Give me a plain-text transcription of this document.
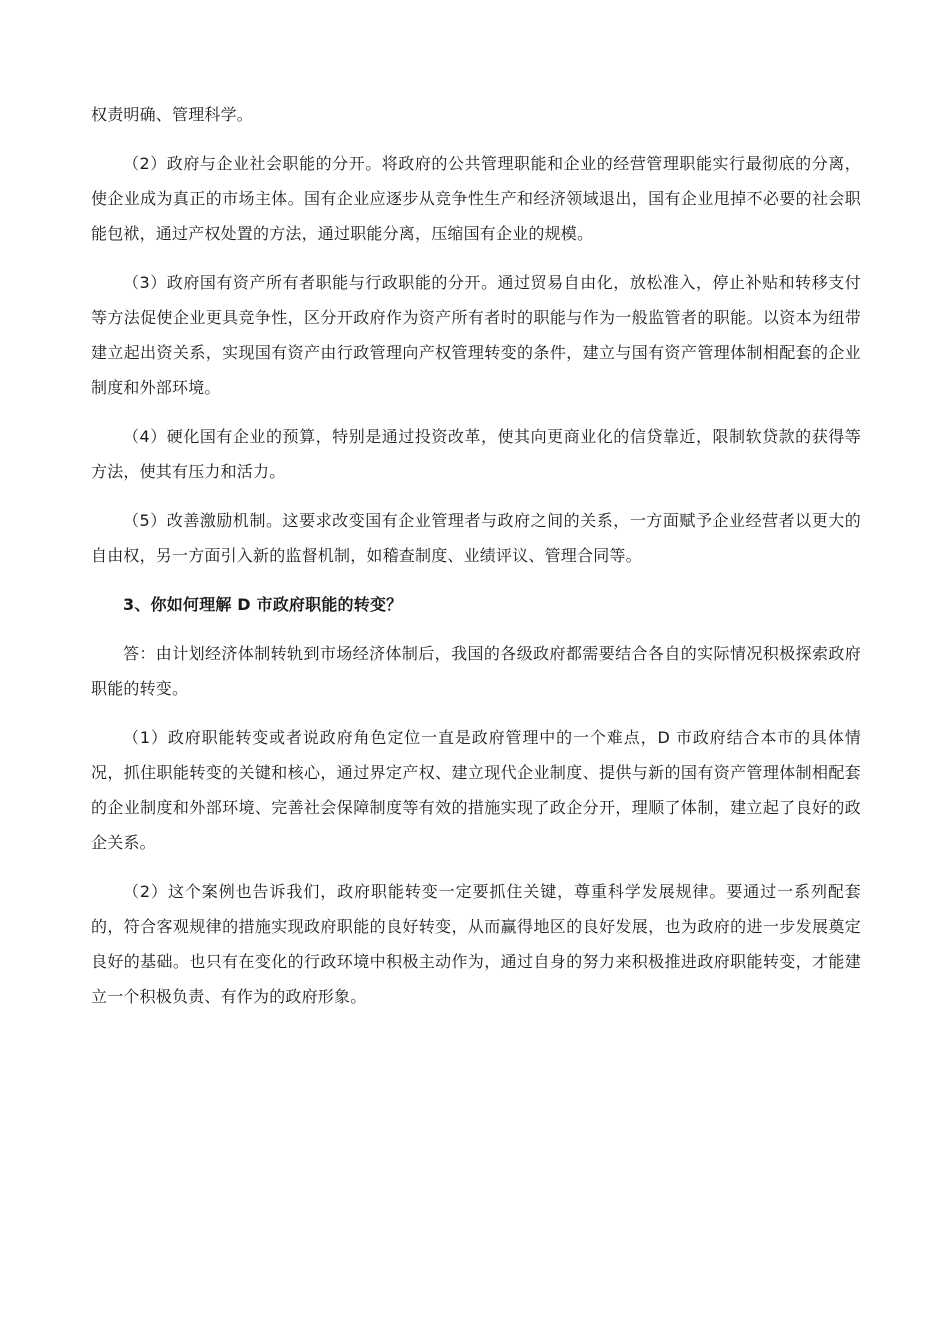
权责明确、管理科学。

（2）政府与企业社会职能的分开。将政府的公共管理职能和企业的经营管理职能实行最彻底的分离，使企业成为真正的市场主体。国有企业应逐步从竞争性生产和经济领域退出，国有企业甩掉不必要的社会职能包袱，通过产权处置的方法，通过职能分离，压缩国有企业的规模。

（3）政府国有资产所有者职能与行政职能的分开。通过贸易自由化，放松准入，停止补贴和转移支付等方法促使企业更具竞争性，区分开政府作为资产所有者时的职能与作为一般监管者的职能。以资本为纽带建立起出资关系，实现国有资产由行政管理向产权管理转变的条件，建立与国有资产管理体制相配套的企业制度和外部环境。

（4）硬化国有企业的预算，特别是通过投资改革，使其向更商业化的信贷靠近，限制软贷款的获得等方法，使其有压力和活力。

（5）改善激励机制。这要求改变国有企业管理者与政府之间的关系，一方面赋予企业经营者以更大的自由权，另一方面引入新的监督机制，如稽查制度、业绩评议、管理合同等。

3、你如何理解 D 市政府职能的转变？

答：由计划经济体制转轨到市场经济体制后，我国的各级政府都需要结合各自的实际情况积极探索政府职能的转变。

（1）政府职能转变或者说政府角色定位一直是政府管理中的一个难点，D 市政府结合本市的具体情况，抓住职能转变的关键和核心，通过界定产权、建立现代企业制度、提供与新的国有资产管理体制相配套的企业制度和外部环境、完善社会保障制度等有效的措施实现了政企分开，理顺了体制，建立起了良好的政企关系。

（2）这个案例也告诉我们，政府职能转变一定要抓住关键，尊重科学发展规律。要通过一系列配套的，符合客观规律的措施实现政府职能的良好转变，从而赢得地区的良好发展，也为政府的进一步发展奠定良好的基础。也只有在变化的行政环境中积极主动作为，通过自身的努力来积极推进政府职能转变，才能建立一个积极负责、有作为的政府形象。
